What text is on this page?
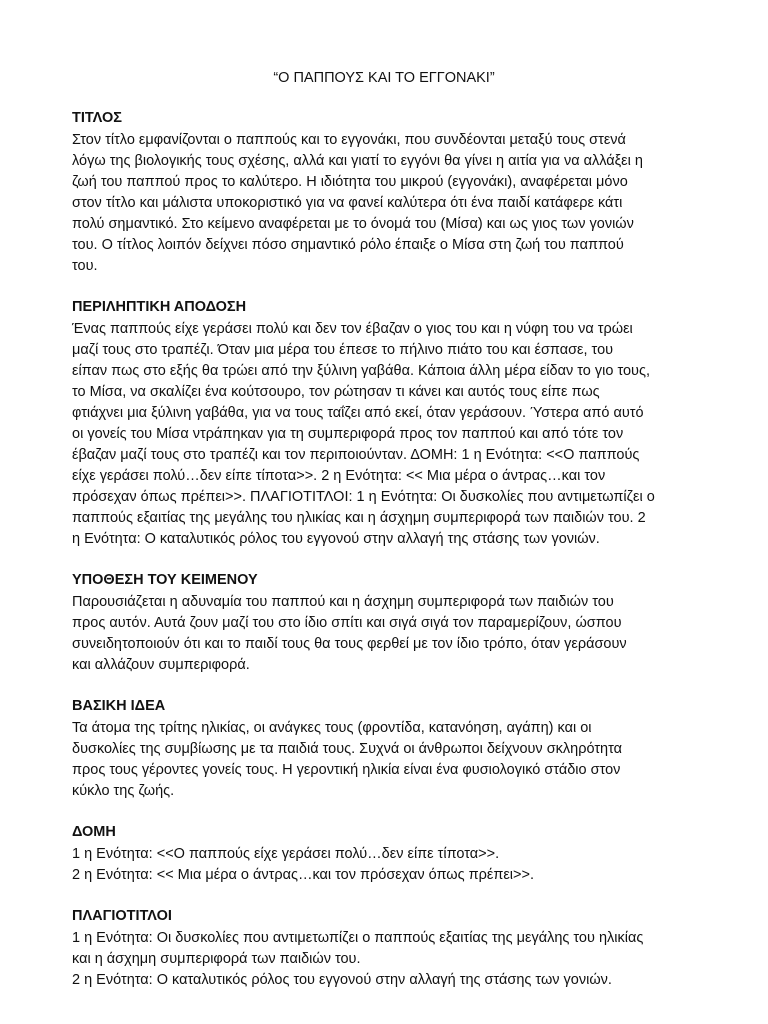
“Ο ΠΑΠΠΟΥΣ ΚΑΙ ΤΟ ΕΓΓΟΝΑΚΙ”
ΤΙΤΛΟΣ
Στον τίτλο εμφανίζονται ο παππούς και το εγγονάκι, που συνδέονται μεταξύ τους στενά
λόγω της βιολογικής τους σχέσης, αλλά και γιατί το εγγόνι θα γίνει η αιτία για να αλλάξει η
ζωή του παππού προς το καλύτερο. Η ιδιότητα του μικρού (εγγονάκι), αναφέρεται μόνο
στον τίτλο και μάλιστα υποκοριστικό για να φανεί καλύτερα ότι ένα παιδί κατάφερε κάτι
πολύ σημαντικό. Στο κείμενο αναφέρεται με το όνομά του (Μίσα) και ως γιος των γονιών
του. Ο τίτλος λοιπόν δείχνει πόσο σημαντικό ρόλο έπαιξε ο Μίσα στη ζωή του παππού
του.
ΠΕΡΙΛΗΠΤΙΚΗ ΑΠΟΔΟΣΗ
Ένας παππούς είχε γεράσει πολύ και δεν τον έβαζαν ο γιος του και η νύφη του να τρώει
μαζί τους στο τραπέζι. Όταν μια μέρα του έπεσε το πήλινο πιάτο του και έσπασε, του
είπαν πως στο εξής θα τρώει από την ξύλινη γαβάθα. Κάποια άλλη μέρα είδαν το γιο τους,
το Μίσα, να σκαλίζει ένα κούτσουρο, τον ρώτησαν τι κάνει και αυτός τους είπε πως
φτιάχνει μια ξύλινη γαβάθα, για να τους ταΐζει από εκεί, όταν γεράσουν. Ύστερα από αυτό
οι γονείς του Μίσα ντράπηκαν για τη συμπεριφορά προς τον παππού και από τότε τον
έβαζαν μαζί τους στο τραπέζι και τον περιποιούνταν. ΔΟΜΗ: 1 η Ενότητα: <<Ο παππούς
είχε γεράσει πολύ…δεν είπε τίποτα>>. 2 η Ενότητα: << Μια μέρα ο άντρας…και τον
πρόσεχαν όπως πρέπει>>. ΠΛΑΓΙΟΤΙΤΛΟΙ: 1 η Ενότητα: Οι δυσκολίες που αντιμετωπίζει ο
παππούς εξαιτίας της μεγάλης του ηλικίας και η άσχημη συμπεριφορά των παιδιών του. 2
η Ενότητα: Ο καταλυτικός ρόλος του εγγονού στην αλλαγή της στάσης των γονιών.
ΥΠΟΘΕΣΗ ΤΟΥ ΚΕΙΜΕΝΟΥ
Παρουσιάζεται η αδυναμία του παππού και η άσχημη συμπεριφορά των παιδιών του
προς αυτόν. Αυτά ζουν μαζί του στο ίδιο σπίτι και σιγά σιγά τον παραμερίζουν, ώσπου
συνειδητοποιούν ότι και το παιδί τους θα τους φερθεί με τον ίδιο τρόπο, όταν γεράσουν
και αλλάζουν συμπεριφορά.
ΒΑΣΙΚΗ ΙΔΕΑ
Τα άτομα της τρίτης ηλικίας, οι ανάγκες τους (φροντίδα, κατανόηση, αγάπη) και οι
δυσκολίες της συμβίωσης με τα παιδιά τους. Συχνά οι άνθρωποι δείχνουν σκληρότητα
προς τους γέροντες γονείς τους. Η γεροντική ηλικία είναι ένα φυσιολογικό στάδιο στον
κύκλο της ζωής.
ΔΟΜΗ
1 η Ενότητα: <<Ο παππούς είχε γεράσει πολύ…δεν είπε τίποτα>>.
2 η Ενότητα: << Μια μέρα ο άντρας…και τον πρόσεχαν όπως πρέπει>>.
ΠΛΑΓΙΟΤΙΤΛΟΙ
1 η Ενότητα: Οι δυσκολίες που αντιμετωπίζει ο παππούς εξαιτίας της μεγάλης του ηλικίας
και η άσχημη συμπεριφορά των παιδιών του.
2 η Ενότητα: Ο καταλυτικός ρόλος του εγγονού στην αλλαγή της στάσης των γονιών.
